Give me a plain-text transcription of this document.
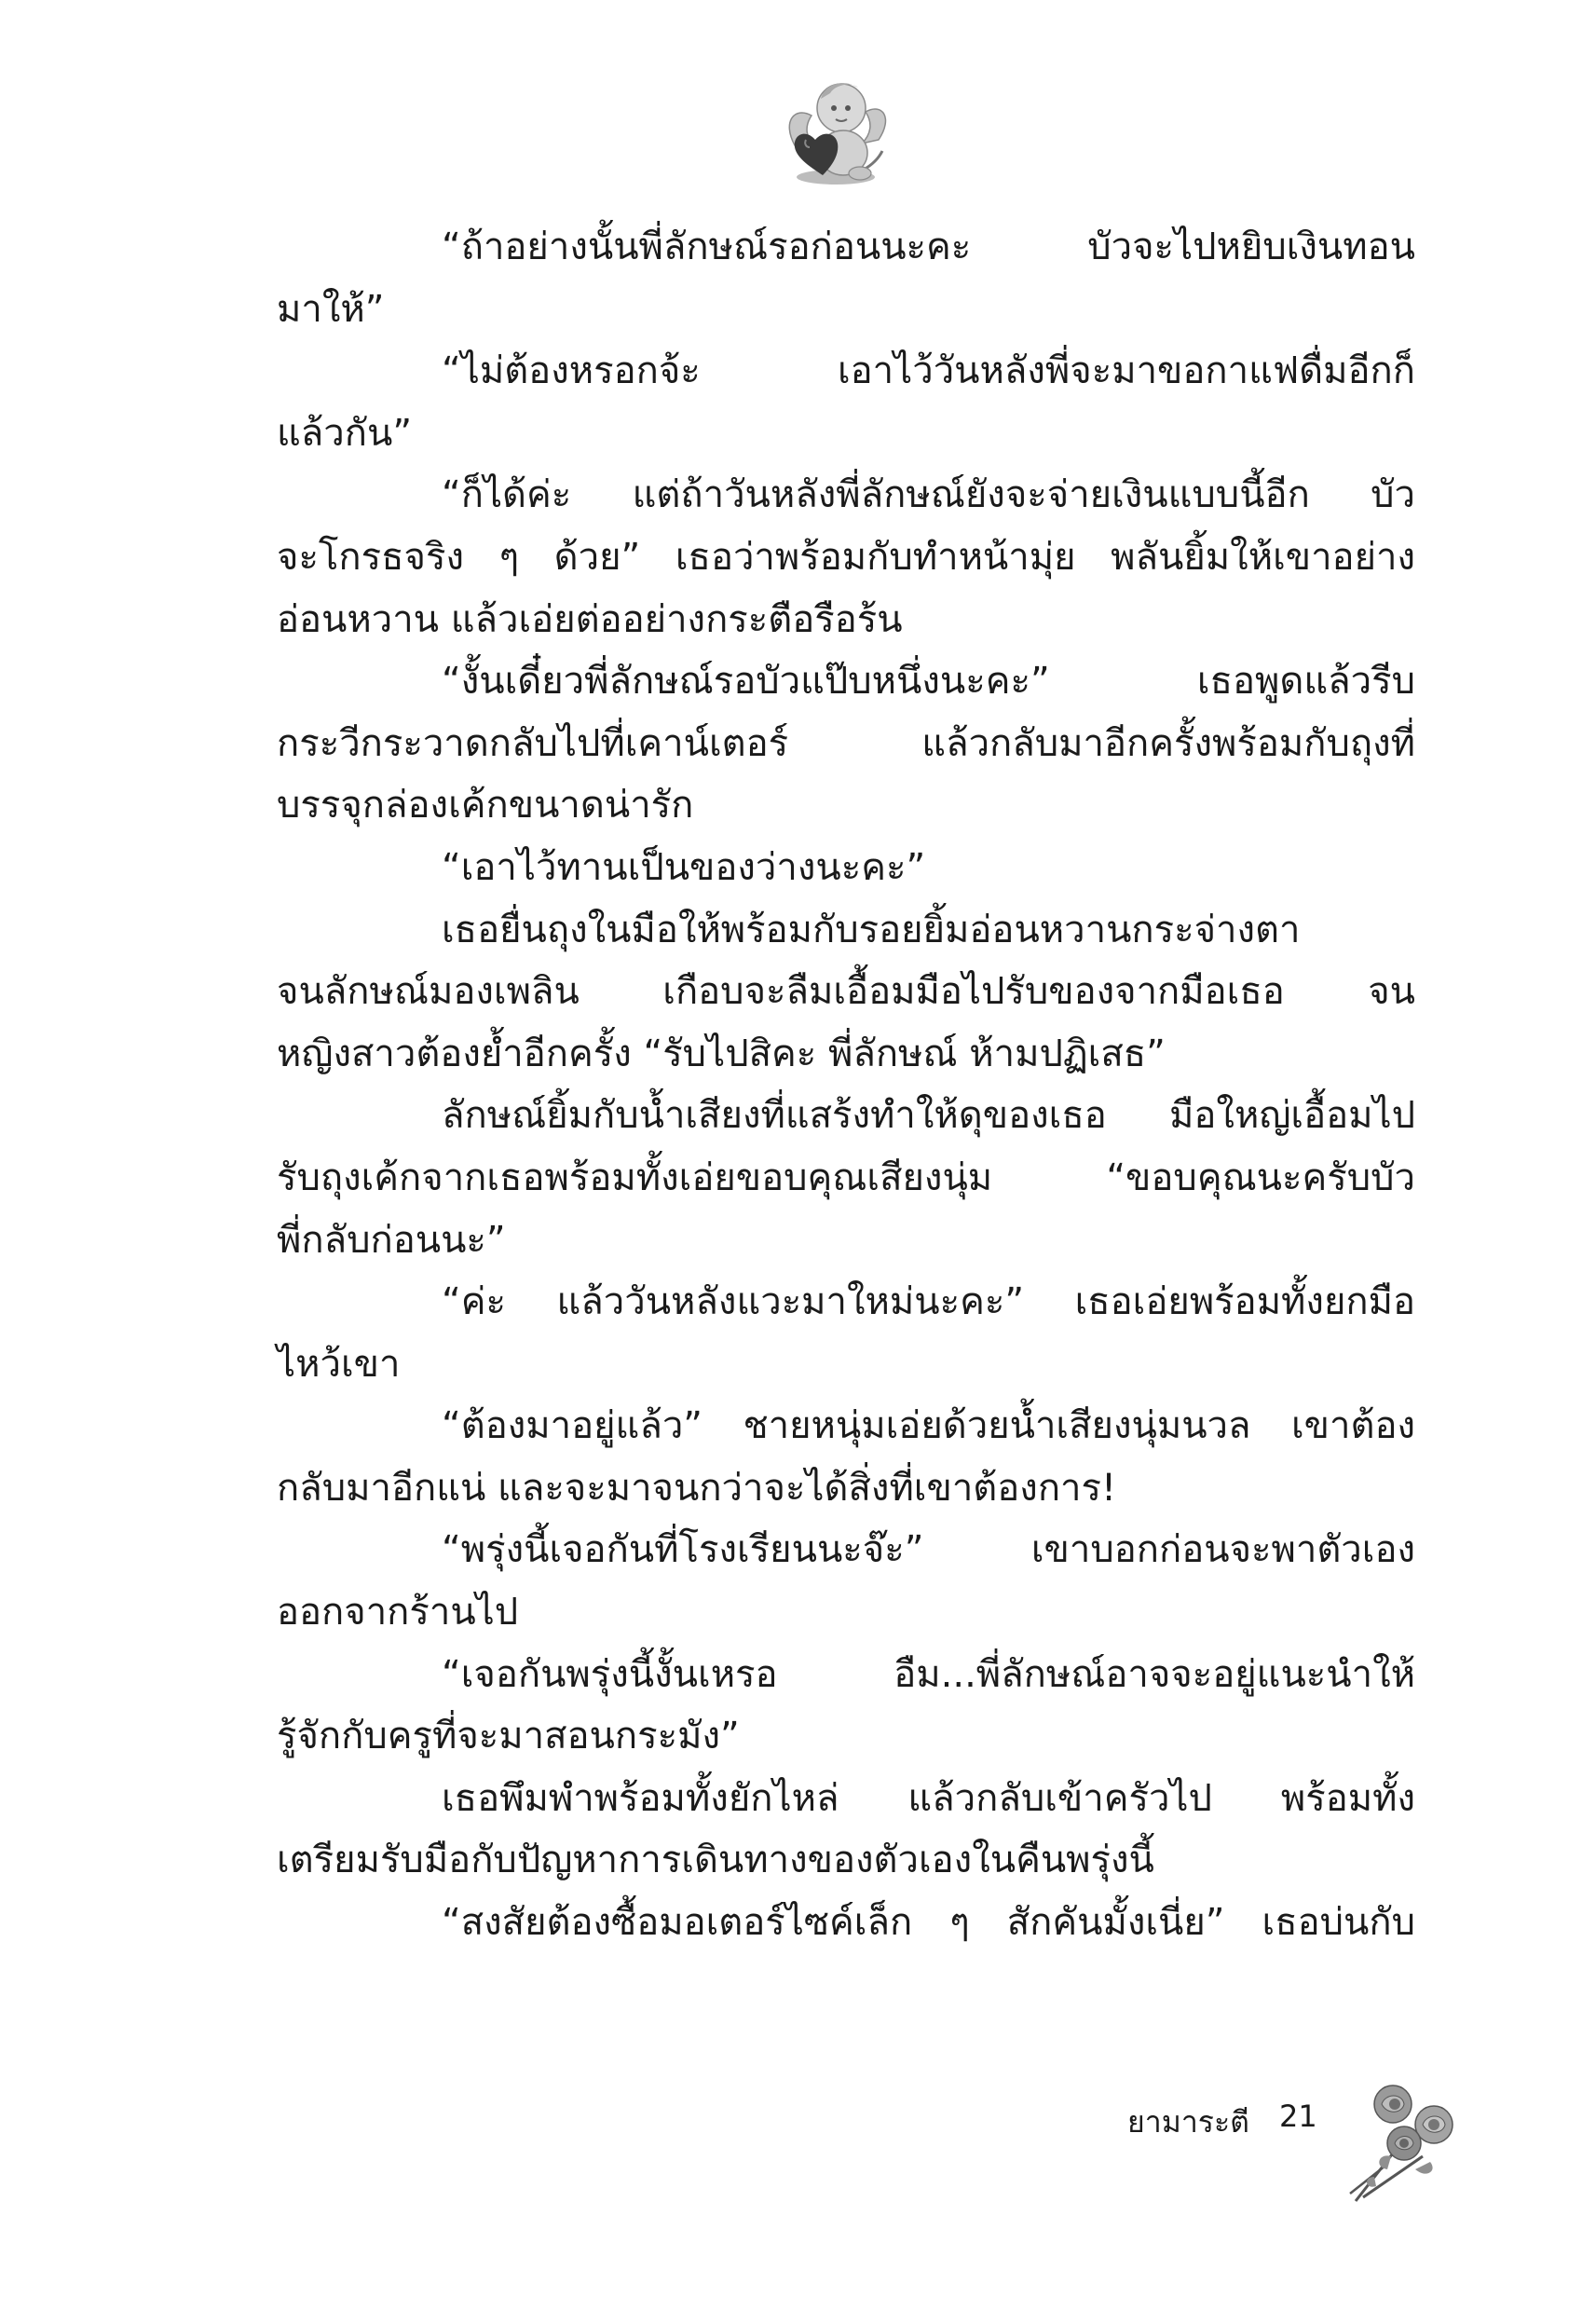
“ถ้าอย่างนั้นพี่ลักษณ์รอก่อนนะคะ บัวจะไปหยิบเงินทอน
มาให้”
“ไม่ต้องหรอกจ้ะ เอาไว้วันหลังพี่จะมาขอกาแฟดื่มอีกก็
แล้วกัน”
“ก็ได้ค่ะ แต่ถ้าวันหลังพี่ลักษณ์ยังจะจ่ายเงินแบบนี้อีก บัว
จะโกรธจริง ๆ ด้วย” เธอว่าพร้อมกับทำหน้ามุ่ย พลันยิ้มให้เขาอย่าง
อ่อนหวาน แล้วเอ่ยต่ออย่างกระตือรือร้น
“งั้นเดี๋ยวพี่ลักษณ์รอบัวแป๊บหนึ่งนะคะ” เธอพูดแล้วรีบ
กระวีกระวาดกลับไปที่เคาน์เตอร์ แล้วกลับมาอีกครั้งพร้อมกับถุงที่
บรรจุกล่องเค้กขนาดน่ารัก
“เอาไว้ทานเป็นของว่างนะคะ”
เธอยื่นถุงในมือให้พร้อมกับรอยยิ้มอ่อนหวานกระจ่างตา
จนลักษณ์มองเพลิน เกือบจะลืมเอื้อมมือไปรับของจากมือเธอ จน
หญิงสาวต้องย้ำอีกครั้ง “รับไปสิคะ พี่ลักษณ์ ห้ามปฏิเสธ”
ลักษณ์ยิ้มกับน้ำเสียงที่แสร้งทำให้ดุของเธอ มือใหญ่เอื้อมไป
รับถุงเค้กจากเธอพร้อมทั้งเอ่ยขอบคุณเสียงนุ่ม “ขอบคุณนะครับบัว
พี่กลับก่อนนะ”
“ค่ะ แล้ววันหลังแวะมาใหม่นะคะ” เธอเอ่ยพร้อมทั้งยกมือ
ไหว้เขา
“ต้องมาอยู่แล้ว” ชายหนุ่มเอ่ยด้วยน้ำเสียงนุ่มนวล เขาต้อง
กลับมาอีกแน่ และจะมาจนกว่าจะได้สิ่งที่เขาต้องการ!
“พรุ่งนี้เจอกันที่โรงเรียนนะจ๊ะ” เขาบอกก่อนจะพาตัวเอง
ออกจากร้านไป
“เจอกันพรุ่งนี้งั้นเหรอ อืม...พี่ลักษณ์อาจจะอยู่แนะนำให้
รู้จักกับครูที่จะมาสอนกระมัง”
เธอพึมพำพร้อมทั้งยักไหล่ แล้วกลับเข้าครัวไป พร้อมทั้ง
เตรียมรับมือกับปัญหาการเดินทางของตัวเองในคืนพรุ่งนี้
“สงสัยต้องซื้อมอเตอร์ไซค์เล็ก ๆ สักคันมั้งเนี่ย” เธอบ่นกับ
ยามาระตี 21
